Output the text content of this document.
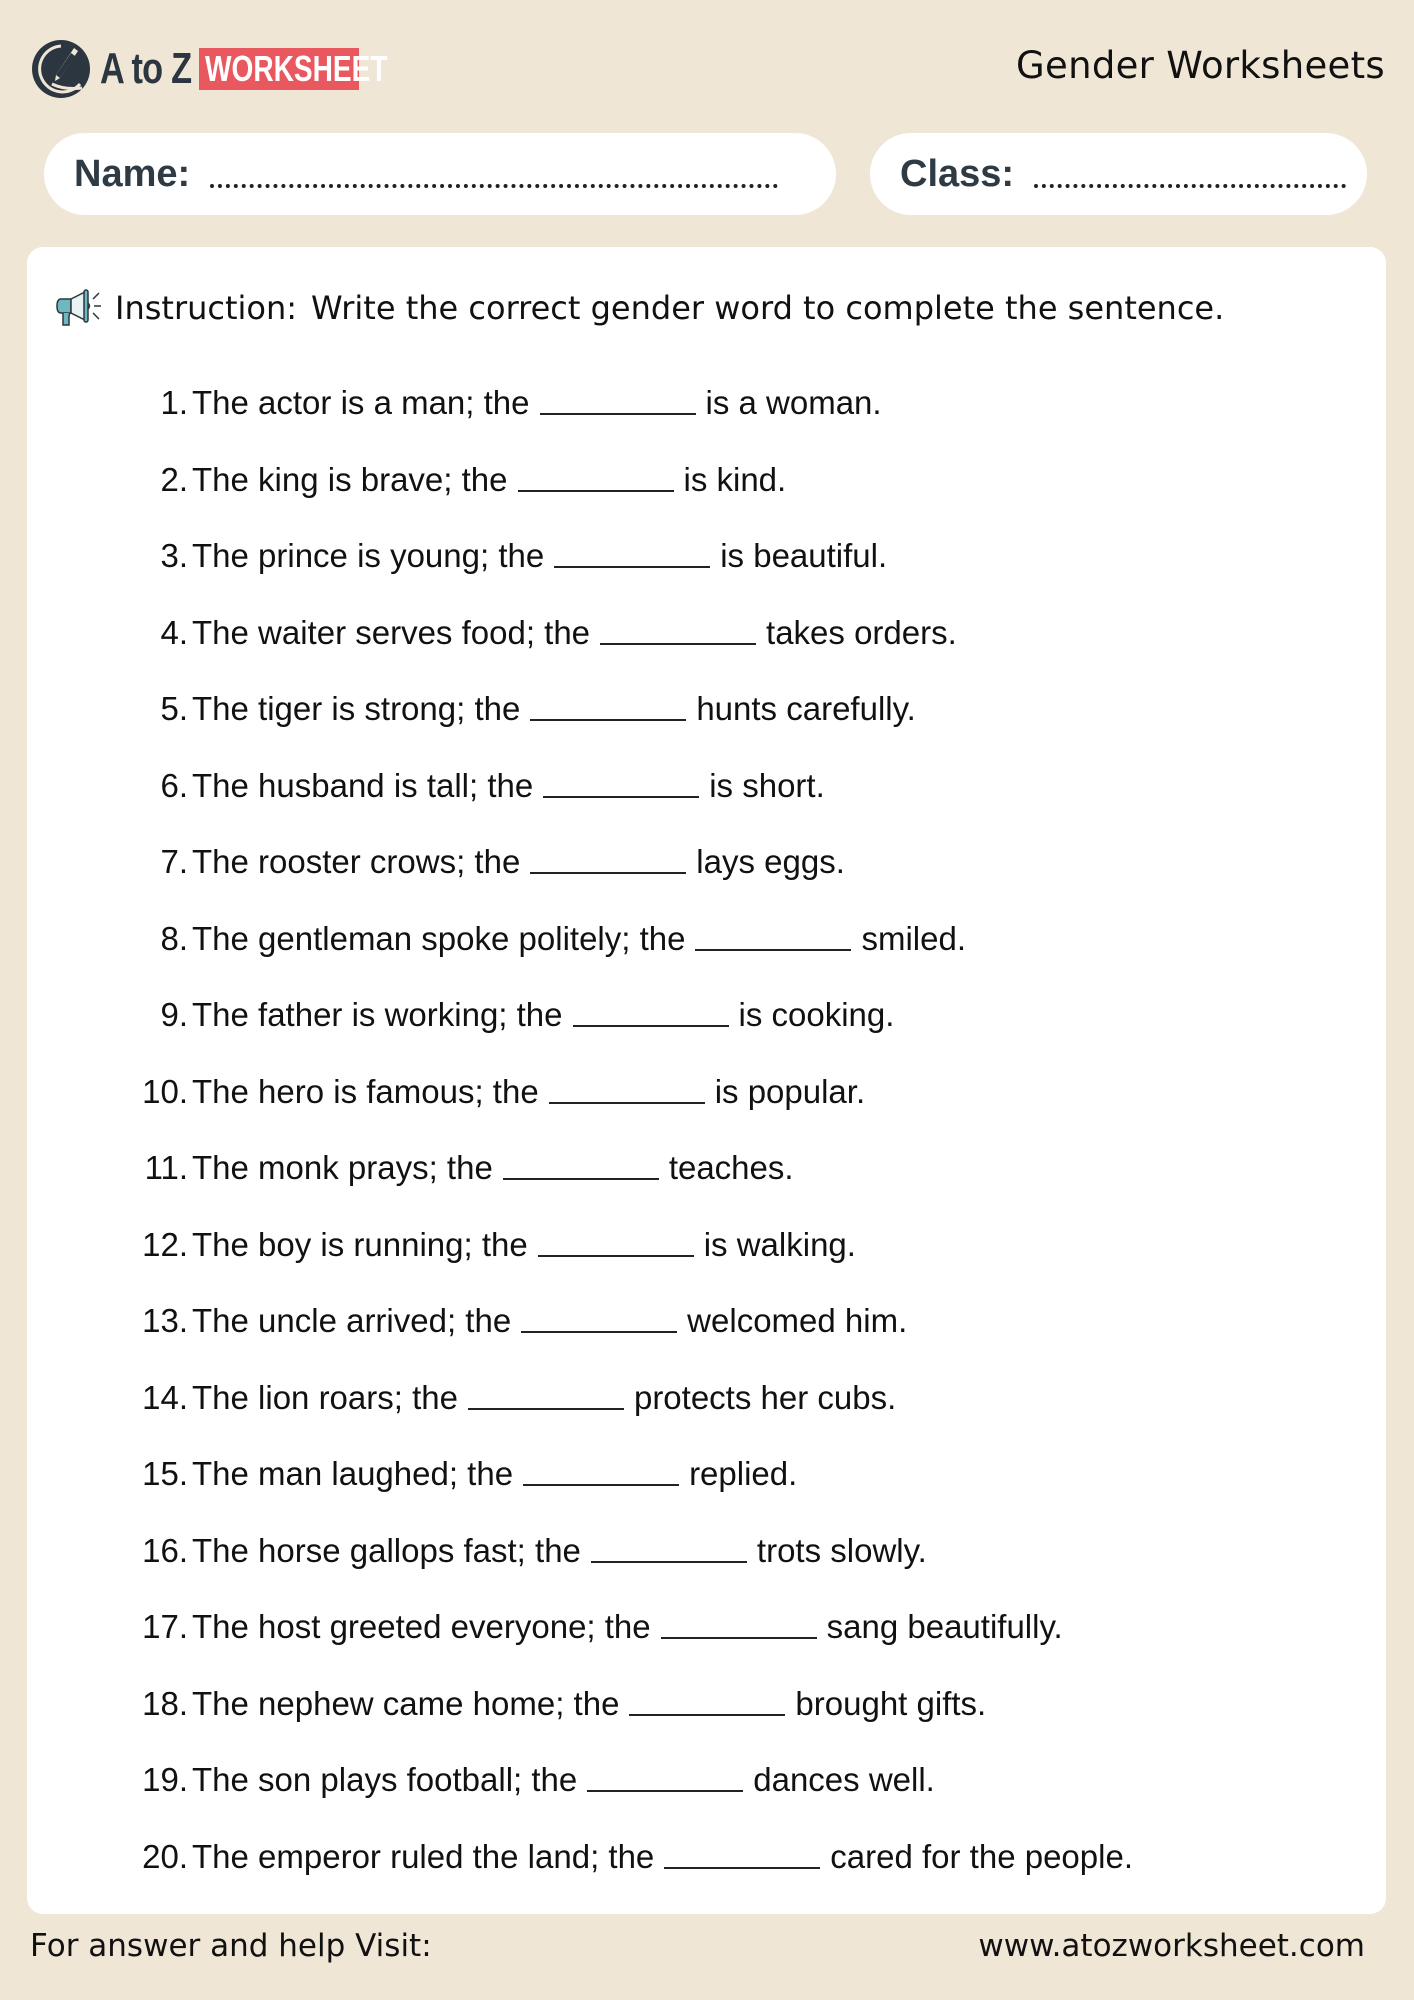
A to Z WORKSHEET	Gender Worksheets
Name:	Class:
Instruction: Write the correct gender word to complete the sentence.
1. The actor is a man; the	is a woman.
2. The king is brave; the	is kind.
3. The prince is young; the	is beautiful.
4. The waiter serves food; the	takes orders.
5. The tiger is strong; the	hunts carefully.
6. The husband is tall; the	is short.
7. The rooster crows; the	lays eggs.
8. The gentleman spoke politely; the	smiled.
9. The father is working; the	is cooking.
10. The hero is famous; the	is popular.
11. The monk prays; the	teaches.
12. The boy is running; the	is walking.
13. The uncle arrived; the	welcomed him.
14. The lion roars; the	protects her cubs.
15. The man laughed; the	replied.
16. The horse gallops fast; the	trots slowly.
17. The host greeted everyone; the	sang beautifully.
18. The nephew came home; the	brought gifts.
19. The son plays football; the	dances well.
20. The emperor ruled the land; the	cared for the people.
For answer and help Visit:	www.atozworksheet.com
